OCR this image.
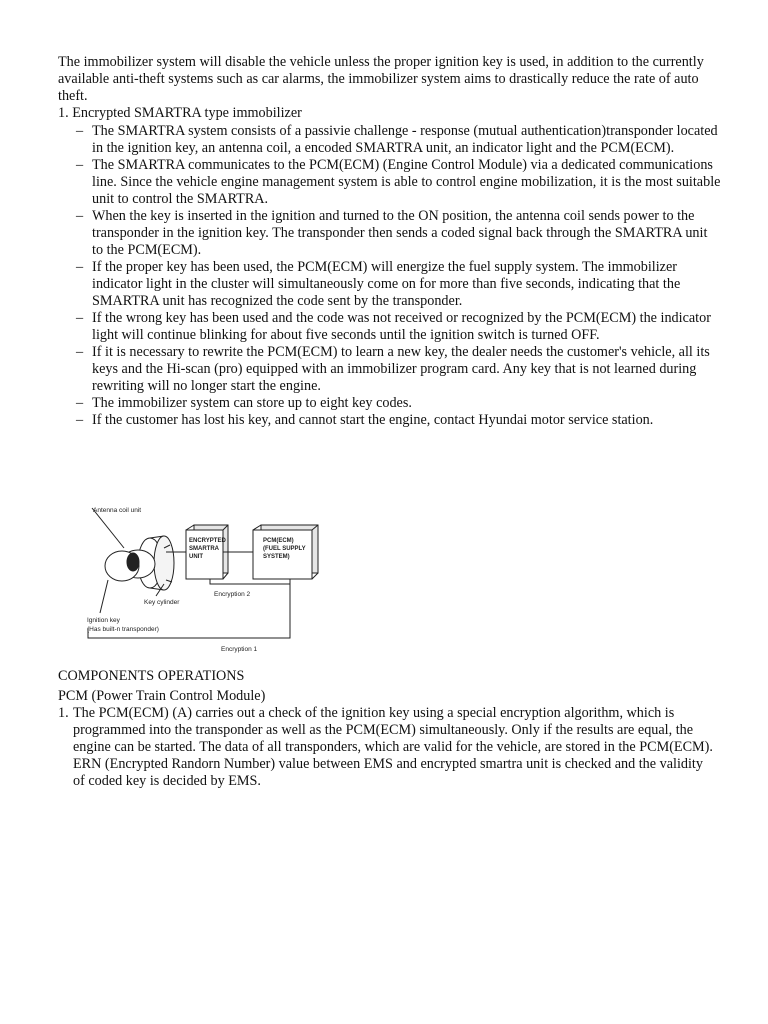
The immobilizer system will disable the vehicle unless the proper ignition key is used, in addition to the currently available anti-theft systems such as car alarms, the immobilizer system aims to drastically reduce the rate of auto theft.

1. Encrypted SMARTRA type immobilizer

– The SMARTRA system consists of a passivie challenge - response (mutual authentication)transponder located in the ignition key, an antenna coil, a encoded SMARTRA unit, an indicator light and the PCM(ECM).
– The SMARTRA communicates to the PCM(ECM) (Engine Control Module) via a dedicated communications line. Since the vehicle engine management system is able to control engine mobilization, it is the most suitable unit to control the SMARTRA.
– When the key is inserted in the ignition and turned to the ON position, the antenna coil sends power to the transponder in the ignition key. The transponder then sends a coded signal back through the SMARTRA unit to the PCM(ECM).
– If the proper key has been used, the PCM(ECM) will energize the fuel supply system. The immobilizer indicator light in the cluster will simultaneously come on for more than five seconds, indicating that the SMARTRA unit has recognized the code sent by the transponder.
– If the wrong key has been used and the code was not received or recognized by the PCM(ECM) the indicator light will continue blinking for about five seconds until the ignition switch is turned OFF.
– If it is necessary to rewrite the PCM(ECM) to learn a new key, the dealer needs the customer's vehicle, all its keys and the Hi-scan (pro) equipped with an immobilizer program card. Any key that is not learned during rewriting will no longer start the engine.
– The immobilizer system can store up to eight key codes.
– If the customer has lost his key, and cannot start the engine, contact Hyundai motor service station.
ENCRYPTED
SMARTRA
UNIT
PCM(ECM)
(FUEL SUPPLY
SYSTEM)
Antenna coil unit
Encryption 2
Key cylinder
Ignition key
(Has built-n transponder)
Encryption 1

COMPONENTS OPERATIONS

PCM (Power Train Control Module)

1. The PCM(ECM) (A) carries out a check of the ignition key using a special encryption algorithm, which is programmed into the transponder as well as the PCM(ECM) simultaneously. Only if the results are equal, the engine can be started. The data of all transponders, which are valid for the vehicle, are stored in the PCM(ECM).
ERN (Encrypted Randorn Number) value between EMS and encrypted smartra unit is checked and the validity of coded key is decided by EMS.
